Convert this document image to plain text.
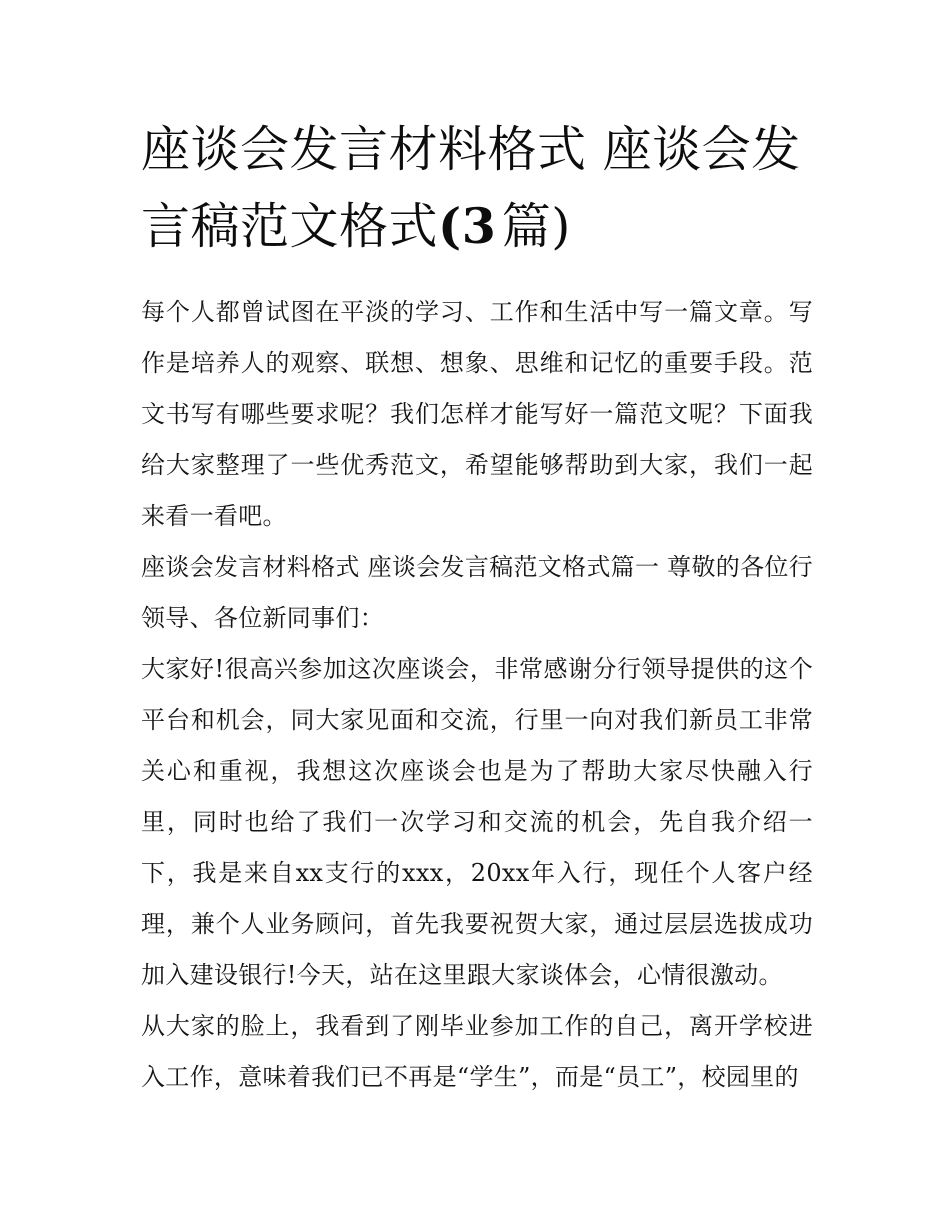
座谈会发言材料格式 座谈会发
言稿范文格式(3  篇)

每个人都曾试图在平淡的学习、工作和生活中写一篇文章。写作是培养人的观察、联想、想象、思维和记忆的重要手段。范文书写有哪些要求呢？我们怎样才能写好一篇范文呢？下面我给大家整理了一些优秀范文，希望能够帮助到大家，我们一起来看一看吧。

座谈会发言材料格式 座谈会发言稿范文格式篇一 尊敬的各位行领导、各位新同事们：

大家好!很高兴参加这次座谈会，非常感谢分行领导提供的这个平台和机会，同大家见面和交流，行里一向对我们新员工非常关心和重视，我想这次座谈会也是为了帮助大家尽快融入行里，同时也给了我们一次学习和交流的机会，先自我介绍一下，我是来自xx支行的xxx，20xx年入行，现任个人客户经理，兼个人业务顾问，首先我要祝贺大家，通过层层选拔成功加入建设银行!今天，站在这里跟大家谈体会，心情很激动。

从大家的脸上，我看到了刚毕业参加工作的自己，离开学校进入工作，意味着我们已不再是“学生”，而是“员工”，校园里的
